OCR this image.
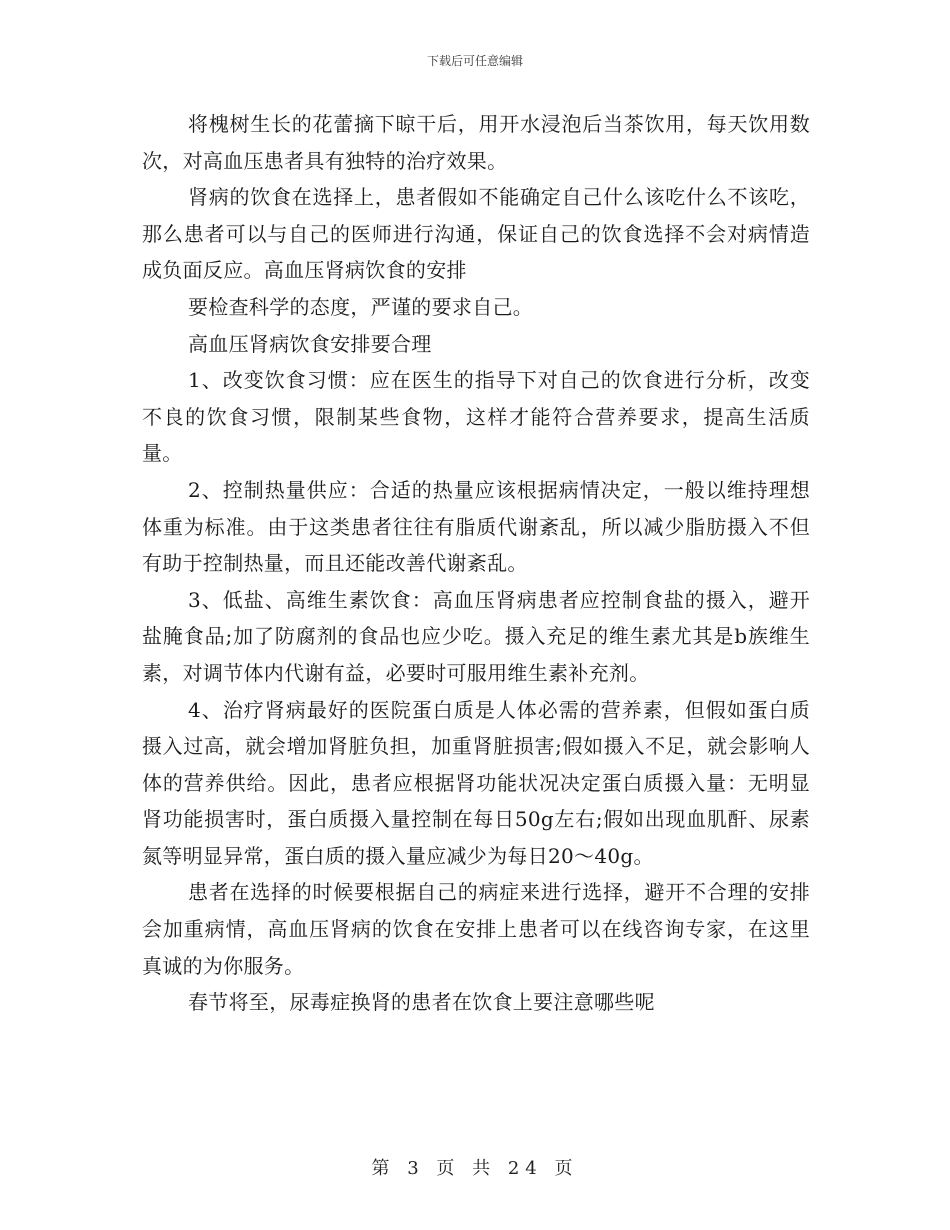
下载后可任意编辑

将槐树生长的花蕾摘下晾干后，用开水浸泡后当茶饮用，每天饮用数次，对高血压患者具有独特的治疗效果。

肾病的饮食在选择上，患者假如不能确定自己什么该吃什么不该吃，那么患者可以与自己的医师进行沟通，保证自己的饮食选择不会对病情造成负面反应。高血压肾病饮食的安排

要检查科学的态度，严谨的要求自己。

高血压肾病饮食安排要合理

1、改变饮食习惯：应在医生的指导下对自己的饮食进行分析，改变不良的饮食习惯，限制某些食物，这样才能符合营养要求，提高生活质量。

2、控制热量供应：合适的热量应该根据病情决定，一般以维持理想体重为标准。由于这类患者往往有脂质代谢紊乱，所以减少脂肪摄入不但有助于控制热量，而且还能改善代谢紊乱。

3、低盐、高维生素饮食：高血压肾病患者应控制食盐的摄入，避开盐腌食品;加了防腐剂的食品也应少吃。摄入充足的维生素尤其是b族维生素，对调节体内代谢有益，必要时可服用维生素补充剂。

4、治疗肾病最好的医院蛋白质是人体必需的营养素，但假如蛋白质摄入过高，就会增加肾脏负担，加重肾脏损害;假如摄入不足，就会影响人体的营养供给。因此，患者应根据肾功能状况决定蛋白质摄入量：无明显肾功能损害时，蛋白质摄入量控制在每日50g左右;假如出现血肌酐、尿素氮等明显异常，蛋白质的摄入量应减少为每日20～40g。

患者在选择的时候要根据自己的病症来进行选择，避开不合理的安排会加重病情，高血压肾病的饮食在安排上患者可以在线咨询专家，在这里真诚的为你服务。

春节将至，尿毒症换肾的患者在饮食上要注意哪些呢

第 3 页 共 24 页
